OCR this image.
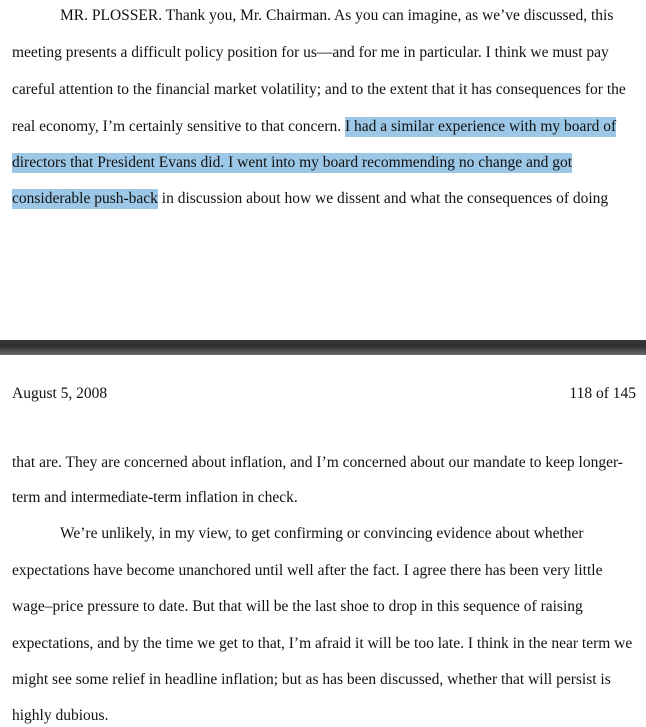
MR. PLOSSER. Thank you, Mr. Chairman. As you can imagine, as we’ve discussed, this
meeting presents a difficult policy position for us—and for me in particular. I think we must pay
careful attention to the financial market volatility; and to the extent that it has consequences for the
real economy, I’m certainly sensitive to that concern. I had a similar experience with my board of
directors that President Evans did. I went into my board recommending no change and got
considerable push-back in discussion about how we dissent and what the consequences of doing
August 5, 2008	118 of 145
that are. They are concerned about inflation, and I’m concerned about our mandate to keep longer-
term and intermediate-term inflation in check.
We’re unlikely, in my view, to get confirming or convincing evidence about whether
expectations have become unanchored until well after the fact. I agree there has been very little
wage–price pressure to date. But that will be the last shoe to drop in this sequence of raising
expectations, and by the time we get to that, I’m afraid it will be too late. I think in the near term we
might see some relief in headline inflation; but as has been discussed, whether that will persist is
highly dubious.
